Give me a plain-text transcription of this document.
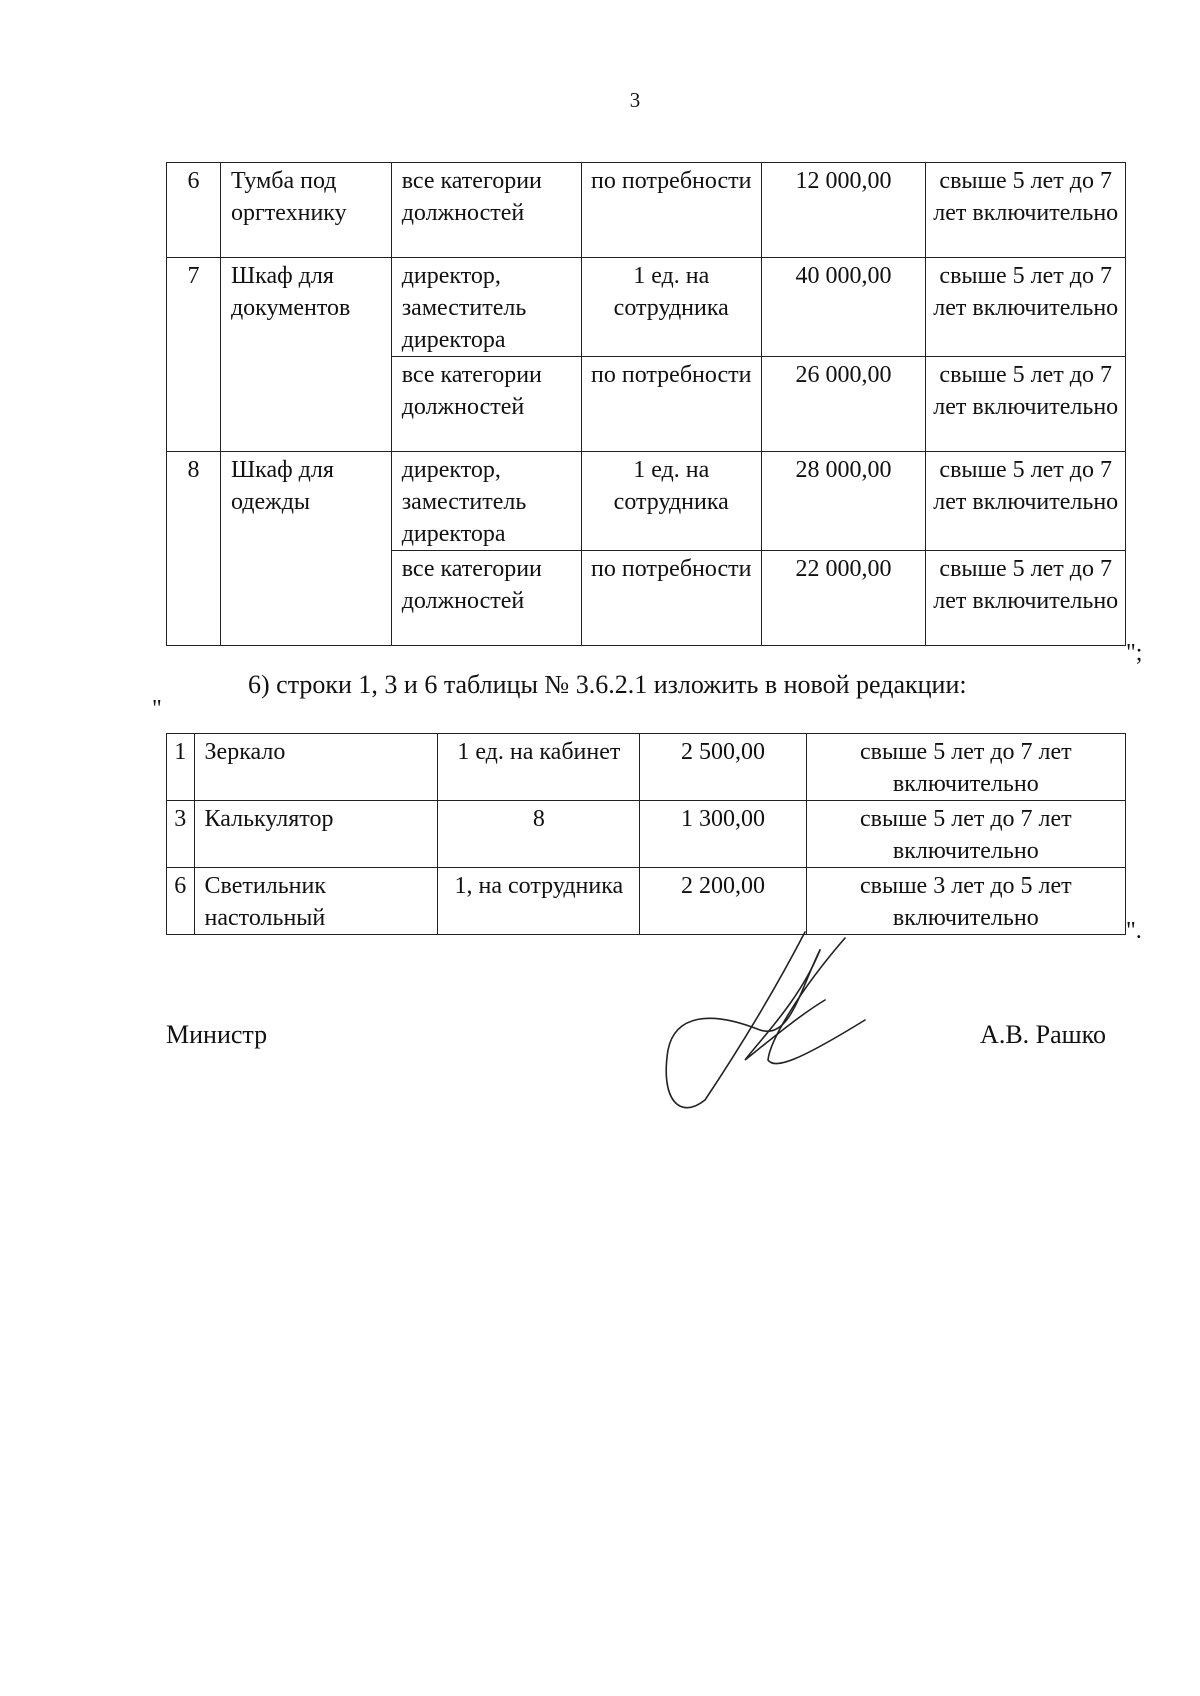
3
6	Тумба под оргтехнику	все категории должностей	по потребности	12 000,00	свыше 5 лет до 7 лет включительно
7	Шкаф для документов	директор, заместитель директора	1 ед. на сотрудника	40 000,00	свыше 5 лет до 7 лет включительно
		все категории должностей	по потребности	26 000,00	свыше 5 лет до 7 лет включительно
8	Шкаф для одежды	директор, заместитель директора	1 ед. на сотрудника	28 000,00	свыше 5 лет до 7 лет включительно
		все категории должностей	по потребности	22 000,00	свыше 5 лет до 7 лет включительно
";
6) строки 1, 3 и 6 таблицы № 3.6.2.1 изложить в новой редакции:
"
1	Зеркало	1 ед. на кабинет	2 500,00	свыше 5 лет до 7 лет включительно
3	Калькулятор	8	1 300,00	свыше 5 лет до 7 лет включительно
6	Светильник настольный	1, на сотрудника	2 200,00	свыше 3 лет до 5 лет включительно	".
Министр	А.В. Рашко
